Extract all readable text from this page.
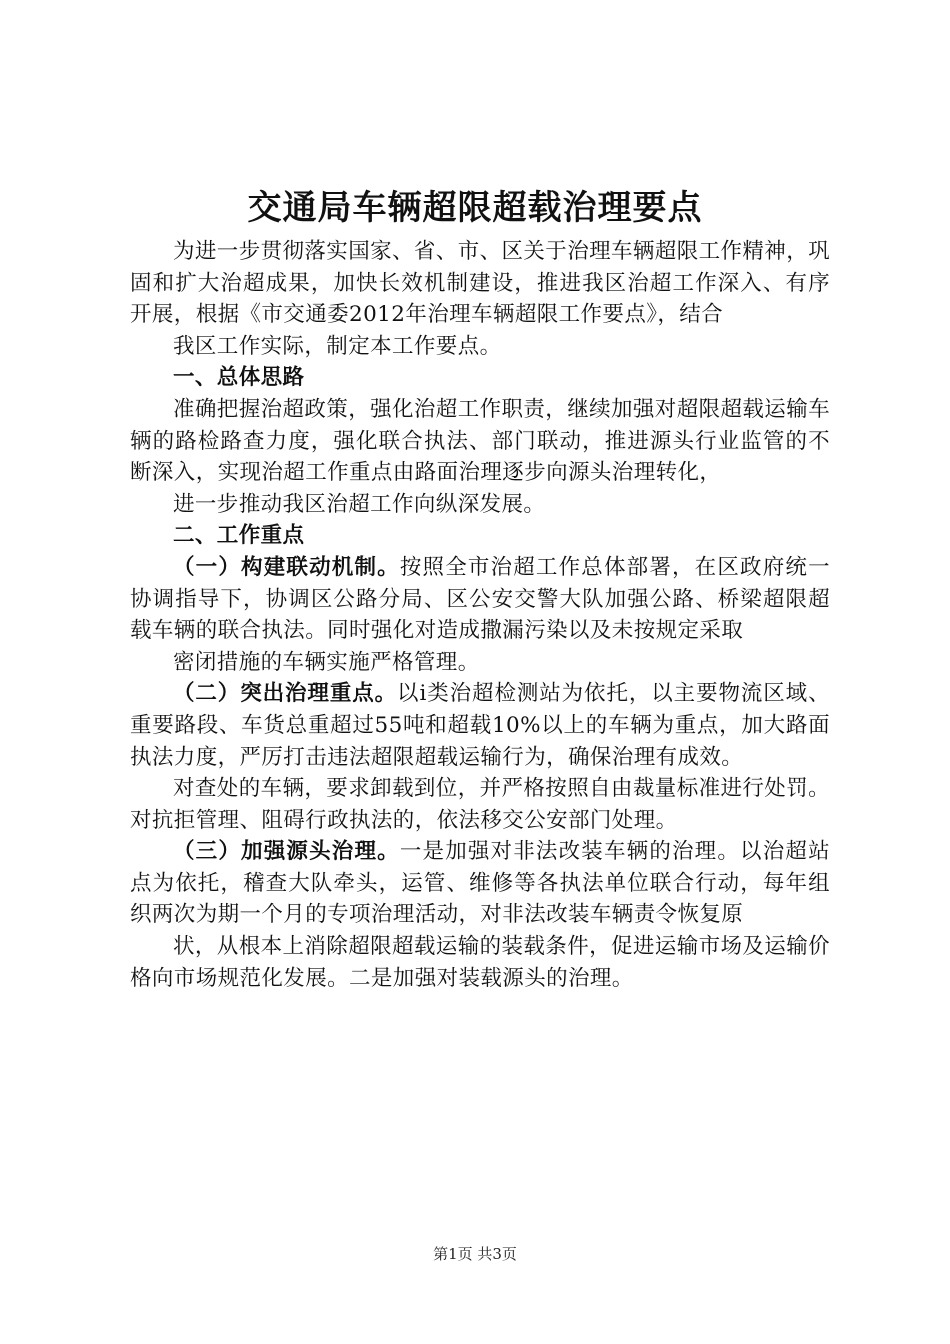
交通局车辆超限超载治理要点

为进一步贯彻落实国家、省、市、区关于治理车辆超限工作精神，巩固和扩大治超成果，加快长效机制建设，推进我区治超工作深入、有序开展，根据《市交通委2012年治理车辆超限工作要点》，结合

我区工作实际，制定本工作要点。

一、总体思路

准确把握治超政策，强化治超工作职责，继续加强对超限超载运输车辆的路检路查力度，强化联合执法、部门联动，推进源头行业监管的不断深入，实现治超工作重点由路面治理逐步向源头治理转化，

进一步推动我区治超工作向纵深发展。

二、工作重点

（一）构建联动机制。按照全市治超工作总体部署，在区政府统一协调指导下，协调区公路分局、区公安交警大队加强公路、桥梁超限超载车辆的联合执法。同时强化对造成撒漏污染以及未按规定采取

密闭措施的车辆实施严格管理。

（二）突出治理重点。以ⅰ类治超检测站为依托，以主要物流区域、重要路段、车货总重超过55吨和超载10%以上的车辆为重点，加大路面执法力度，严厉打击违法超限超载运输行为，确保治理有成效。

对查处的车辆，要求卸载到位，并严格按照自由裁量标准进行处罚。对抗拒管理、阻碍行政执法的，依法移交公安部门处理。

（三）加强源头治理。一是加强对非法改装车辆的治理。以治超站点为依托，稽查大队牵头，运管、维修等各执法单位联合行动，每年组织两次为期一个月的专项治理活动，对非法改装车辆责令恢复原

状，从根本上消除超限超载运输的装载条件，促进运输市场及运输价格向市场规范化发展。二是加强对装载源头的治理。

第1页 共3页
